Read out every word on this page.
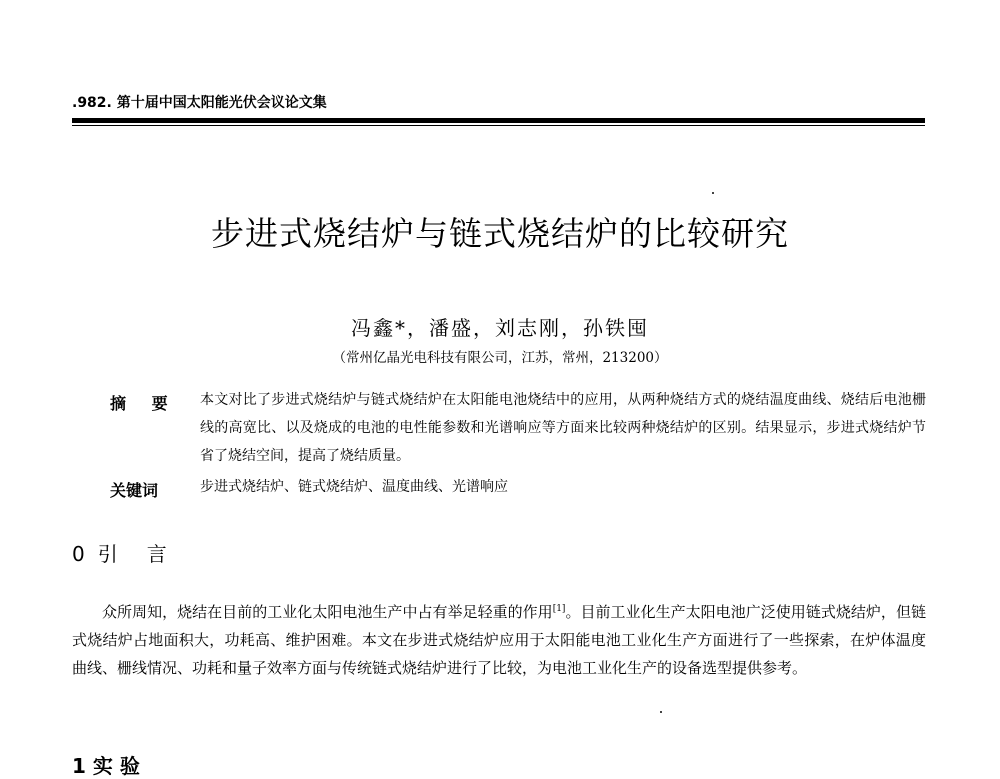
.982. 第十届中国太阳能光伏会议论文集
步进式烧结炉与链式烧结炉的比较研究
冯鑫*，潘盛，刘志刚，孙铁囤
（常州亿晶光电科技有限公司，江苏，常州，213200）
摘 要 本文对比了步进式烧结炉与链式烧结炉在太阳能电池烧结中的应用，从两种烧结方式的烧结温度曲线、烧结后电池栅线的高宽比、以及烧成的电池的电性能参数和光谱响应等方面来比较两种烧结炉的区别。结果显示，步进式烧结炉节省了烧结空间，提高了烧结质量。
关键词	步进式烧结炉、链式烧结炉、温度曲线、光谱响应
0 引 言
众所周知，烧结在目前的工业化太阳电池生产中占有举足轻重的作用[1]。目前工业化生产太阳电池广泛使用链式烧结炉，但链式烧结炉占地面积大，功耗高、维护困难。本文在步进式烧结炉应用于太阳能电池工业化生产方面进行了一些探索，在炉体温度曲线、栅线情况、功耗和量子效率方面与传统链式烧结炉进行了比较，为电池工业化生产的设备选型提供参考。
1 实 验
